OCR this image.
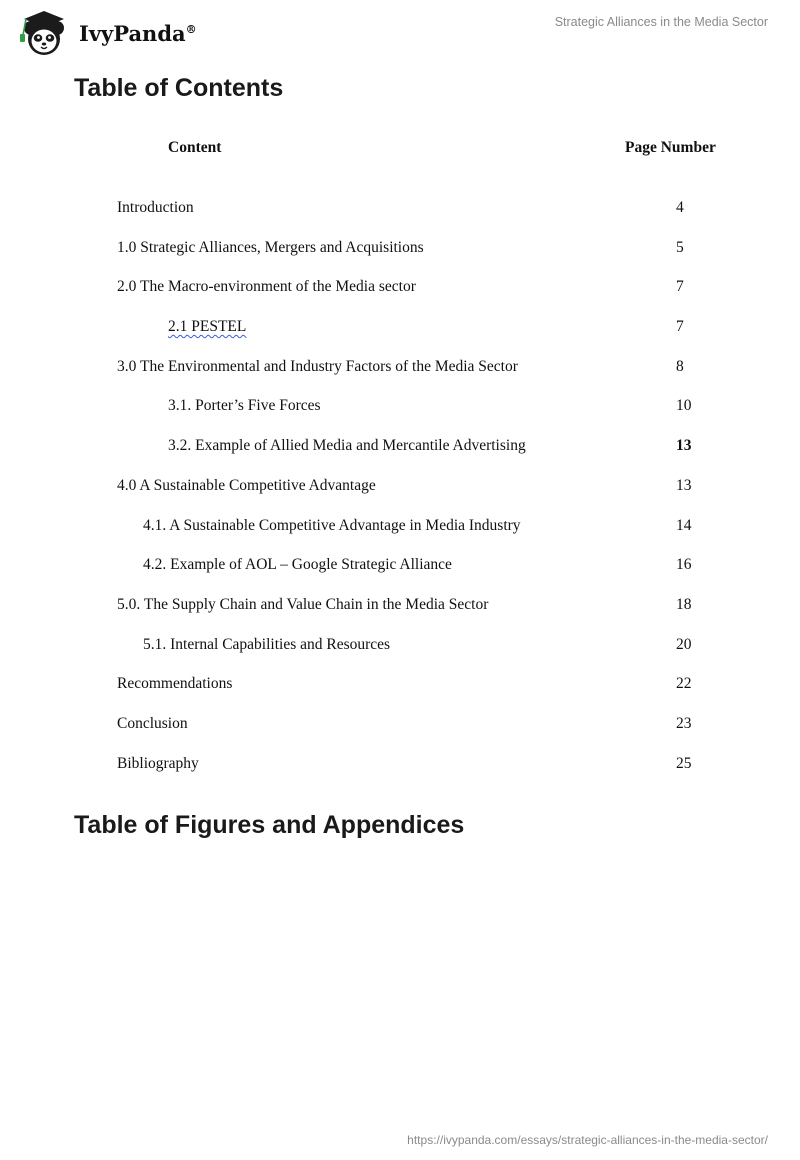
IvyPanda®
Strategic Alliances in the Media Sector
Table of Contents
Content	Page Number
Introduction	4
1.0 Strategic Alliances, Mergers and Acquisitions	5
2.0 The Macro-environment of the Media sector	7
2.1 PESTEL	7
3.0 The Environmental and Industry Factors of the Media Sector	8
3.1. Porter’s Five Forces	10
3.2. Example of Allied Media and Mercantile Advertising	13
4.0 A Sustainable Competitive Advantage	13
4.1. A Sustainable Competitive Advantage in Media Industry	14
4.2. Example of AOL – Google Strategic Alliance	16
5.0. The Supply Chain and Value Chain in the Media Sector	18
5.1. Internal Capabilities and Resources	20
Recommendations	22
Conclusion	23
Bibliography	25
Table of Figures and Appendices
https://ivypanda.com/essays/strategic-alliances-in-the-media-sector/
